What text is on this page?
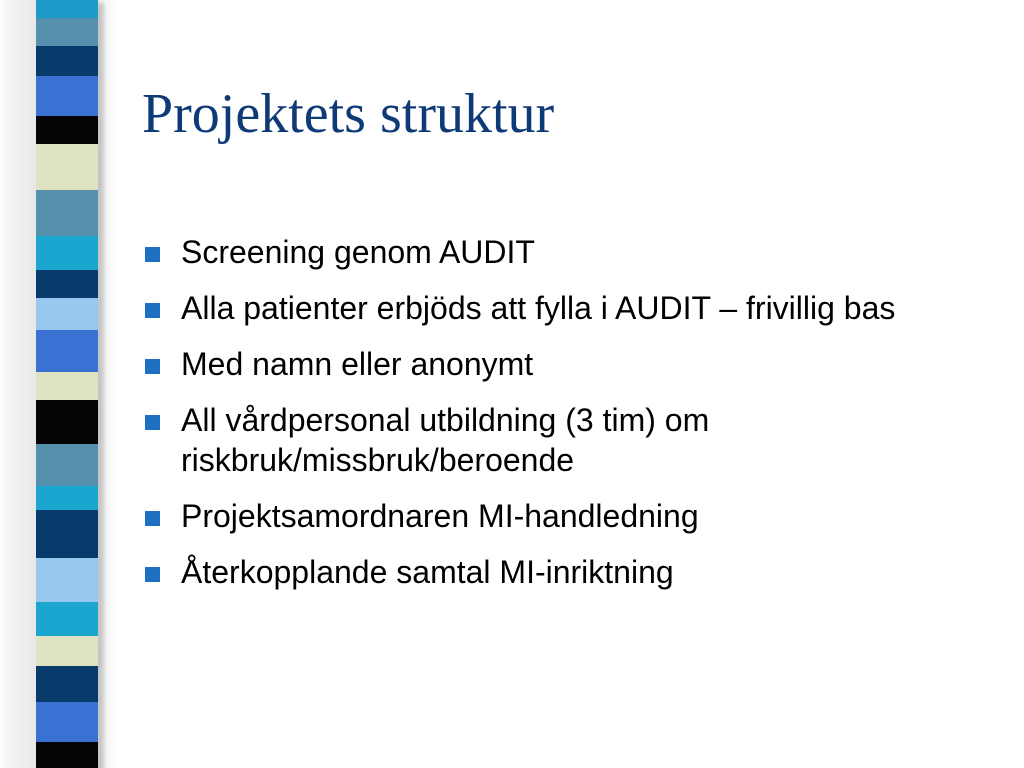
Projektets struktur
Screening genom AUDIT
Alla patienter erbjöds att fylla i AUDIT – frivillig bas
Med namn eller anonymt
All vårdpersonal utbildning (3 tim) om riskbruk/missbruk/beroende
Projektsamordnaren MI-handledning
Återkopplande samtal MI-inriktning
